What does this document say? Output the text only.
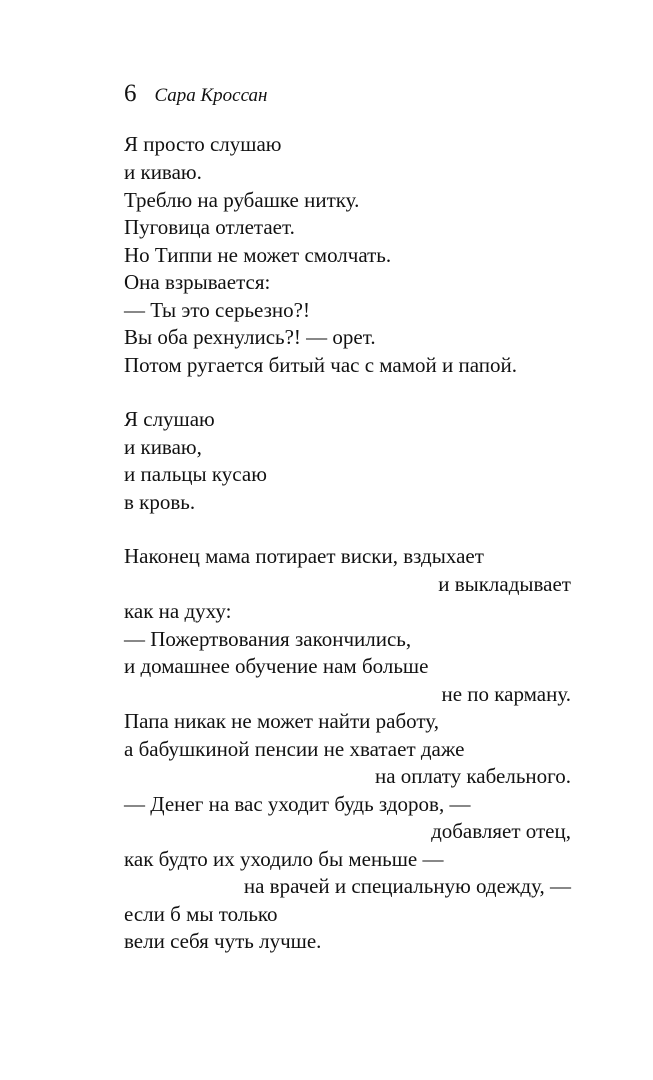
6 Сара Кроссан
Я просто слушаю
и киваю.
Треблю на рубашке нитку.
Пуговица отлетает.
Но Типпи не может смолчать.
Она взрывается:
— Ты это серьезно?!
Вы оба рехнулись?! — орет.
Потом ругается битый час с мамой и папой.
Я слушаю
и киваю,
и пальцы кусаю
в кровь.
Наконец мама потирает виски, вздыхает
и выкладывает
как на духу:
— Пожертвования закончились,
и домашнее обучение нам больше
не по карману.
Папа никак не может найти работу,
а бабушкиной пенсии не хватает даже
на оплату кабельного.
— Денег на вас уходит будь здоров, —
добавляет отец,
как будто их уходило бы меньше —
на врачей и специальную одежду, —
если б мы только
вели себя чуть лучше.
